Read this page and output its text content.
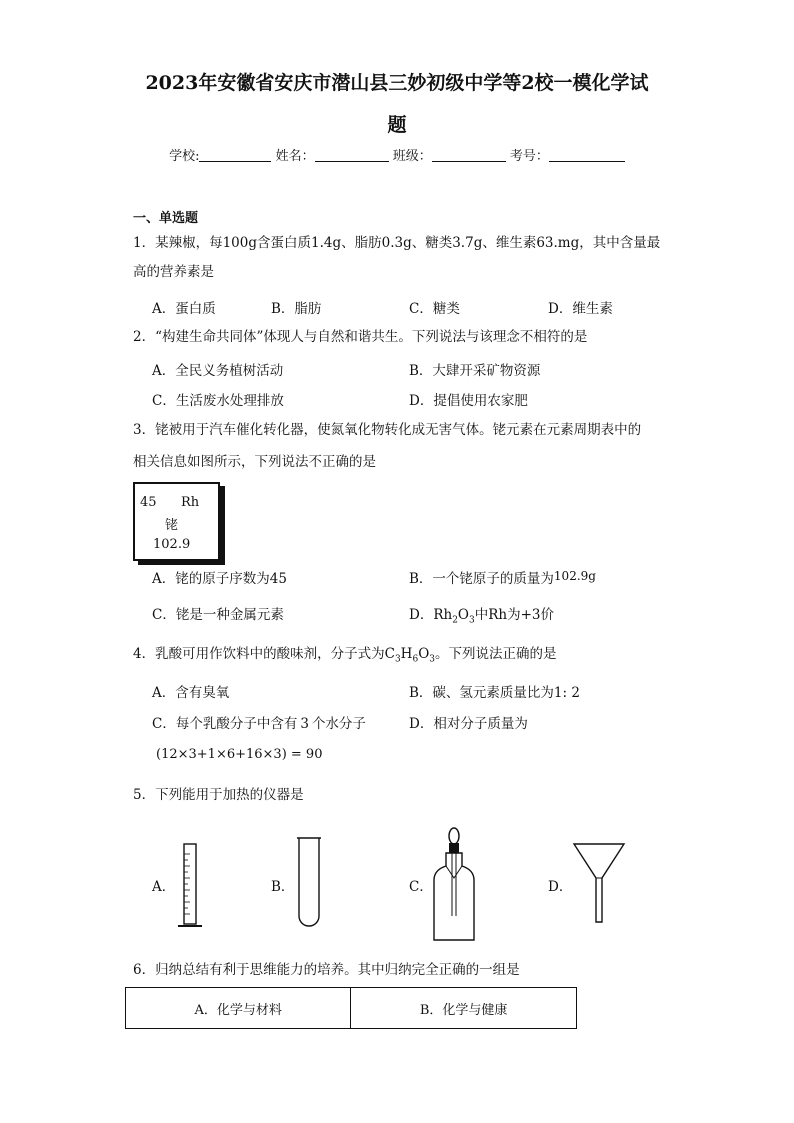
2023年安徽省安庆市潜山县三妙初级中学等2校一模化学试
题
学校:	姓名：	班级：	考号：
一、单选题
1．某辣椒，每100g含蛋白质1.4g、脂肪0.3g、糖类3.7g、维生素63.mg，其中含量最
高的营养素是
A．蛋白质	B．脂肪	C．糖类	D．维生素
2．“构建生命共同体”体现人与自然和谐共生。下列说法与该理念不相符的是
A．全民义务植树活动	B．大肆开采矿物资源
C．生活废水处理排放	D．提倡使用农家肥
3．铑被用于汽车催化转化器，使氮氧化物转化成无害气体。铑元素在元素周期表中的
相关信息如图所示，下列说法不正确的是
45 Rh
铑
102.9
A．铑的原子序数为45	B．一个铑原子的质量为102.9g
C．铑是一种金属元素	D．$Rh_2O_3$中Rh为+3价
4．乳酸可用作饮料中的酸味剂，分子式为$C_3H_6O_3$。下列说法正确的是
A．含有臭氧	B．碳、氢元素质量比为1: 2
C．每个乳酸分子中含有 3 个水分子	D．相对分子质量为
(12×3+1×6+16×3) = 90
5．下列能用于加热的仪器是
A．	B．	C．	D．
6．归纳总结有利于思维能力的培养。其中归纳完全正确的一组是
A．化学与材料	B．化学与健康
